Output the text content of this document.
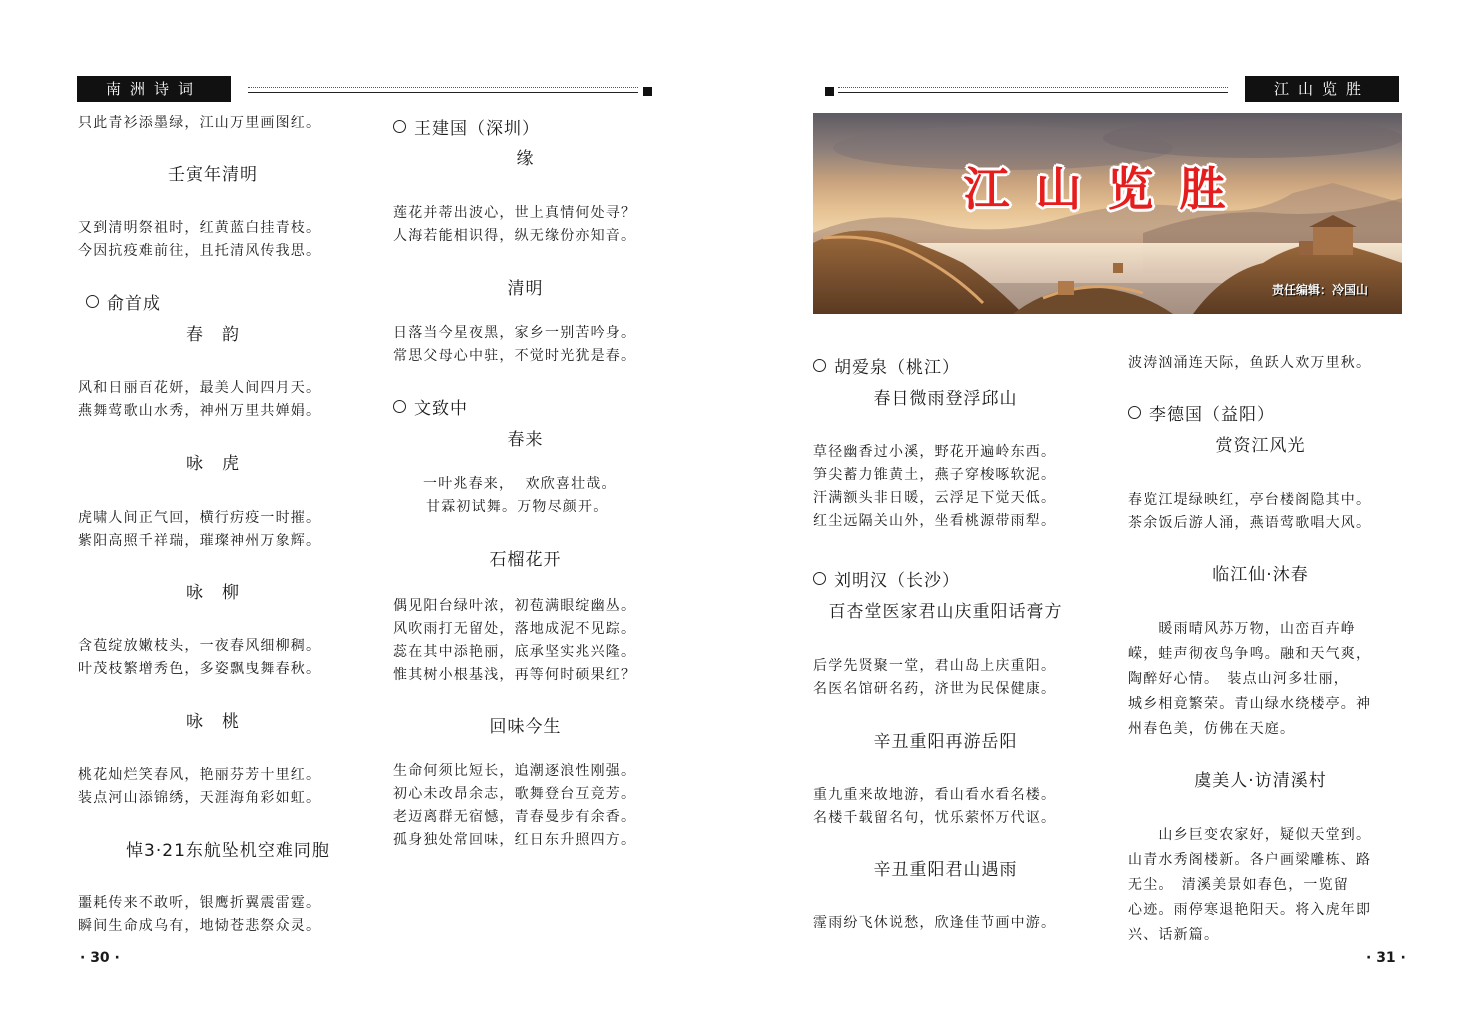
南洲诗词

只此青衫添墨绿，江山万里画图红。

壬寅年清明

又到清明祭祖时，红黄蓝白挂青枝。

今因抗疫难前往，且托清风传我思。

俞首成
春　韵

风和日丽百花妍，最美人间四月天。

燕舞莺歌山水秀，神州万里共婵娟。

咏　虎

虎啸人间正气回，横行疠疫一时摧。

紫阳高照千祥瑞，璀璨神州万象辉。

咏　柳

含苞绽放嫩枝头，一夜春风细柳稠。

叶茂枝繁增秀色，多姿飘曳舞春秋。

咏　桃

桃花灿烂笑春风，艳丽芬芳十里红。

装点河山添锦绣，天涯海角彩如虹。

悼3·21东航坠机空难同胞

噩耗传来不敢听，银鹰折翼震雷霆。

瞬间生命成乌有，地恸苍悲祭众灵。

· 30 ·
王建国（深圳）
缘

莲花并蒂出波心，世上真情何处寻？

人海若能相识得，纵无缘份亦知音。

清明

日落当今星夜黑，家乡一别苦吟身。

常思父母心中驻，不觉时光犹是春。

文致中
春来

一叶兆春来，  欢欣喜壮哉。

甘霖初试舞。万物尽颜开。

石榴花开

偶见阳台绿叶浓，初苞满眼绽幽丛。

风吹雨打无留处，落地成泥不见踪。

蕊在其中添艳丽，底承坚实兆兴隆。

惟其树小根基浅，再等何时硕果红？

回味今生

生命何须比短长，追潮逐浪性刚强。

初心未改昂余志，歌舞登台互竞芳。

老迈离群无宿憾，青春曼步有余香。

孤身独处常回味，红日东升照四方。

江山览胜
江山览胜
责任编辑：冷国山
胡爱泉（桃江）
春日微雨登浮邱山

草径幽香过小溪，野花开遍岭东西。

笋尖蓄力锥黄土，燕子穿梭啄软泥。

汗满额头非日暖，云浮足下觉天低。

红尘远隔关山外，坐看桃源带雨犁。

刘明汉（长沙）
百杏堂医家君山庆重阳话膏方

后学先贤聚一堂，君山岛上庆重阳。

名医名馆研名药，济世为民保健康。

辛丑重阳再游岳阳

重九重来故地游，看山看水看名楼。

名楼千载留名句，忧乐萦怀万代讴。

辛丑重阳君山遇雨

霪雨纷飞休说愁，欣逢佳节画中游。

波涛汹涌连天际，鱼跃人欢万里秋。

李德国（益阳）
赏资江风光

春览江堤绿映红，亭台楼阁隐其中。

茶余饭后游人涌，燕语莺歌唱大风。

临江仙·沐春

　　暖雨晴风苏万物，山峦百卉峥

嵘，蛙声彻夜鸟争鸣。融和天气爽，

陶醉好心情。　装点山河多壮丽，

城乡相竟繁荣。青山绿水绕楼亭。神

州春色美，仿佛在天庭。

虞美人·访清溪村

　　山乡巨变农家好，疑似天堂到。

山青水秀阁楼新。各户画梁雕栋、路

无尘。　清溪美景如春色，一览留

心迹。雨停寒退艳阳天。将入虎年即

兴、话新篇。

· 31 ·
